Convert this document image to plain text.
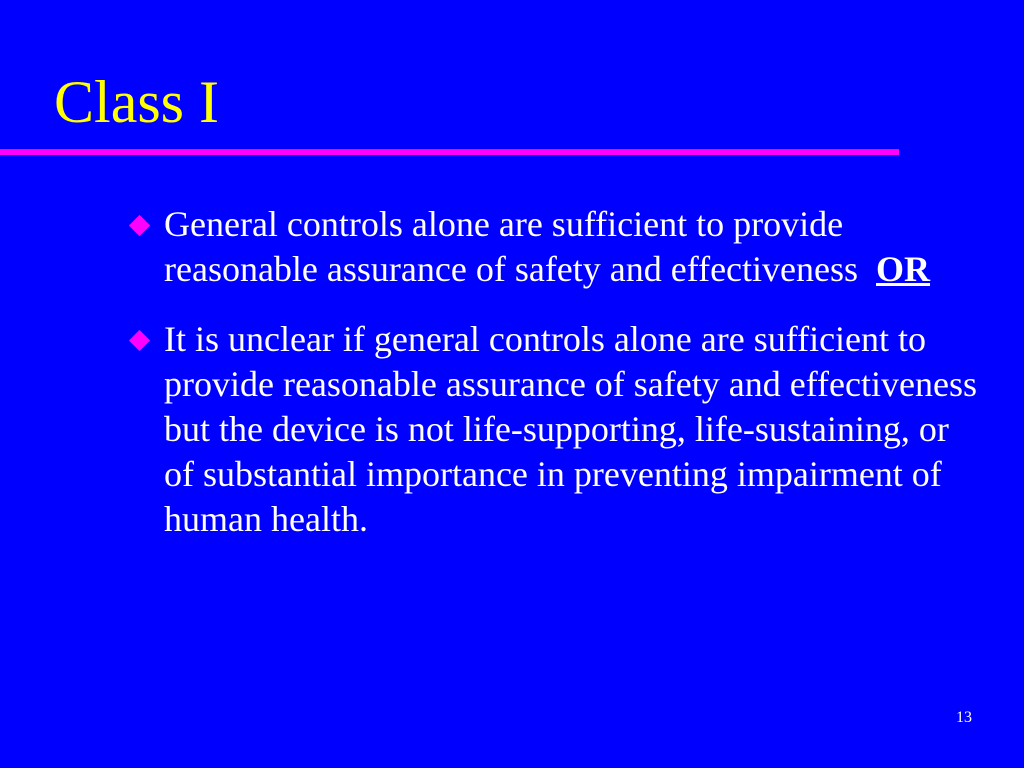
Class I
General controls alone are sufficient to provide reasonable assurance of safety and effectiveness OR
It is unclear if general controls alone are sufficient to provide reasonable assurance of safety and effectiveness but the device is not life-supporting, life-sustaining, or of substantial importance in preventing impairment of human health.
13
